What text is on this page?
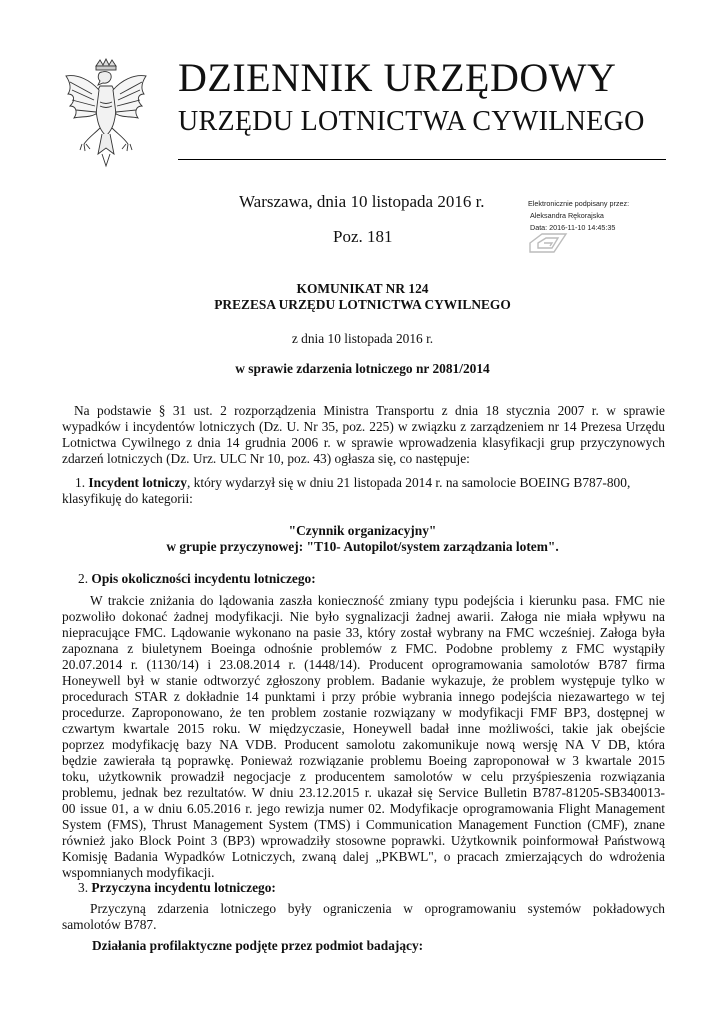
DZIENNIK URZĘDOWY
URZĘDU LOTNICTWA CYWILNEGO
Warszawa, dnia 10 listopada 2016 r.
Poz. 181
Elektronicznie podpisany przez:
Aleksandra Rękorajska
Data: 2016-11-10 14:45:35
KOMUNIKAT NR 124
PREZESA URZĘDU LOTNICTWA CYWILNEGO
z dnia 10 listopada 2016 r.
w sprawie zdarzenia lotniczego nr 2081/2014
Na podstawie § 31 ust. 2 rozporządzenia Ministra Transportu z dnia 18 stycznia 2007 r. w sprawie
wypadków i incydentów lotniczych (Dz. U. Nr 35, poz. 225) w związku z zarządzeniem nr 14 Prezesa Urzędu
Lotnictwa Cywilnego z dnia 14 grudnia 2006 r. w sprawie wprowadzenia klasyfikacji grup przyczynowych
zdarzeń lotniczych (Dz. Urz. ULC Nr 10, poz. 43) ogłasza się, co następuje:
1. Incydent lotniczy, który wydarzył się w dniu 21 listopada 2014 r. na samolocie BOEING B787-800,
klasyfikuję do kategorii:
"Czynnik organizacyjny"
w grupie przyczynowej: "T10- Autopilot/system zarządzania lotem".
2. Opis okoliczności incydentu lotniczego:
W trakcie zniżania do lądowania zaszła konieczność zmiany typu podejścia i kierunku pasa. FMC nie
pozwoliło dokonać żadnej modyfikacji. Nie było sygnalizacji żadnej awarii. Załoga nie miała wpływu na
niepracujące FMC. Lądowanie wykonano na pasie 33, który został wybrany na FMC wcześniej. Załoga była
zapoznana z biuletynem Boeinga odnośnie problemów z FMC. Podobne problemy z FMC wystąpiły
20.07.2014 r. (1130/14) i 23.08.2014 r. (1448/14). Producent oprogramowania samolotów B787 firma
Honeywell był w stanie odtworzyć zgłoszony problem. Badanie wykazuje, że problem występuje tylko w
procedurach STAR z dokładnie 14 punktami i przy próbie wybrania innego podejścia niezawartego w tej
procedurze. Zaproponowano, że ten problem zostanie rozwiązany w modyfikacji FMF BP3, dostępnej w
czwartym kwartale 2015 roku. W międzyczasie, Honeywell badał inne możliwości, takie jak obejście
poprzez modyfikację bazy NA VDB. Producent samolotu zakomunikuje nową wersję NA V DB, która
będzie zawierała tą poprawkę. Ponieważ rozwiązanie problemu Boeing zaproponował w 3 kwartale 2015
toku, użytkownik prowadził negocjacje z producentem samolotów w celu przyśpieszenia rozwiązania
problemu, jednak bez rezultatów. W dniu 23.12.2015 r. ukazał się Service Bulletin B787-81205-SB340013-
00 issue 01, a w dniu 6.05.2016 r. jego rewizja numer 02. Modyfikacje oprogramowania Flight Management
System (FMS), Thrust Management System (TMS) i Communication Management Function (CMF), znane
również jako Block Point 3 (BP3) wprowadziły stosowne poprawki. Użytkownik poinformował Państwową
Komisję Badania Wypadków Lotniczych, zwaną dalej „PKBWL", o pracach zmierzających do wdrożenia
wspomnianych modyfikacji.
3. Przyczyna incydentu lotniczego:
Przyczyną zdarzenia lotniczego były ograniczenia w oprogramowaniu systemów pokładowych
samolotów B787.
Działania profilaktyczne podjęte przez podmiot badający:
